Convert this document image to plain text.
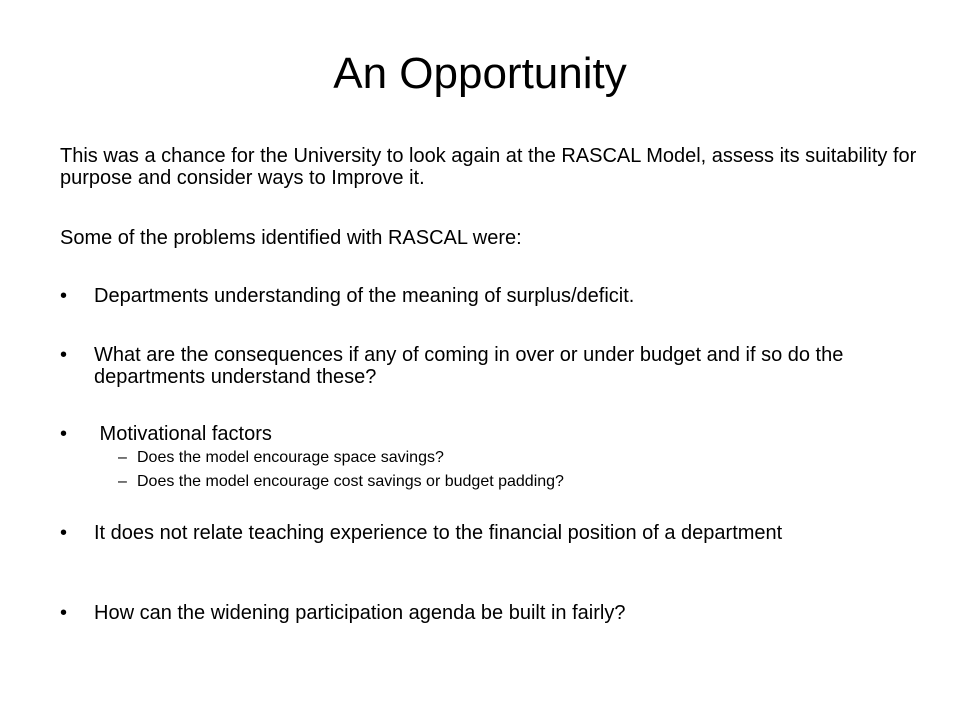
An Opportunity

This was a chance for the University to look again at the RASCAL Model, assess its suitability for purpose and consider ways to Improve it.

Some of the problems identified with RASCAL were:

• Departments understanding of the meaning of surplus/deficit.
• What are the consequences if any of coming in over or under budget and if so do the departments understand these?
• Motivational factors
– Does the model encourage space savings?
– Does the model encourage cost savings or budget padding?
• It does not relate teaching experience to the financial position of a department
• How can the widening participation agenda be built in fairly?
